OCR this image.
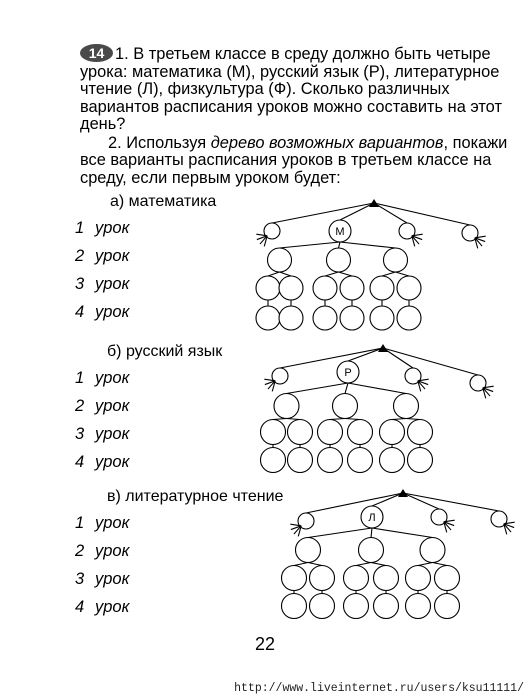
14 1. В третьем классе в среду должно быть четыре урока: математика (М), русский язык (Р), литературное чтение (Л), физкультура (Ф). Сколько различных вариантов расписания уроков можно составить на этот день?

2. Используя дерево возможных вариантов, покажи все варианты расписания уроков в третьем классе на среду, если первым уроком будет:

а) математика
б) русский язык
в) литературное чтение
1 урок
2 урок
3 урок
4 урок
1 урок
2 урок
3 урок
4 урок
1 урок
2 урок
3 урок
4 урок
М
Р
Л
22
http://www.liveinternet.ru/users/ksu11111/
